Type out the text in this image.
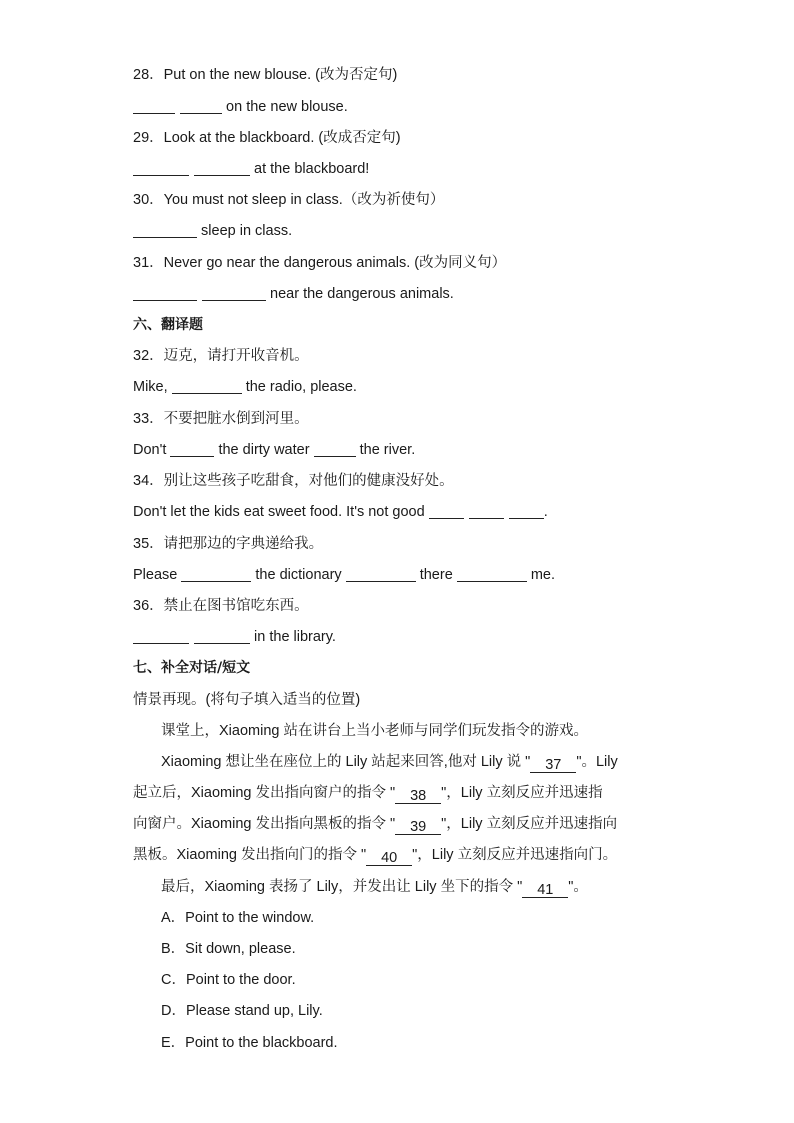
28．Put on the new blouse. (改为否定句)
on the new blouse.
29．Look at the blackboard. (改成否定句)
at the blackboard!
30．You must not sleep in class.（改为祈使句）
sleep in class.
31．Never go near the dangerous animals. (改为同义句）
near the dangerous animals.
六、翻译题
32．迈克，请打开收音机。
Mike,	the radio, please.
33．不要把脏水倒到河里。
Don't	the dirty water	the river.
34．别让这些孩子吃甜食，对他们的健康没好处。
Don't let the kids eat sweet food. It's not good	.
35．请把那边的字典递给我。
Please	the dictionary	there	me.
36．禁止在图书馆吃东西。
in the library.
七、补全对话/短文
情景再现。(将句子填入适当的位置)
课堂上，Xiaoming 站在讲台上当小老师与同学们玩发指令的游戏。
Xiaoming 想让坐在座位上的 Lily 站起来回答,他对 Lily 说 " 37 "。Lily
起立后，Xiaoming 发出指向窗户的指令 " 38 "，Lily 立刻反应并迅速指
向窗户。Xiaoming 发出指向黑板的指令 " 39 "，Lily 立刻反应并迅速指向
黑板。Xiaoming 发出指向门的指令 " 40 "，Lily 立刻反应并迅速指向门。
最后，Xiaoming 表扬了 Lily，并发出让 Lily 坐下的指令 " 41 "。
A．Point to the window.
B．Sit down, please.
C．Point to the door.
D．Please stand up, Lily.
E．Point to the blackboard.
